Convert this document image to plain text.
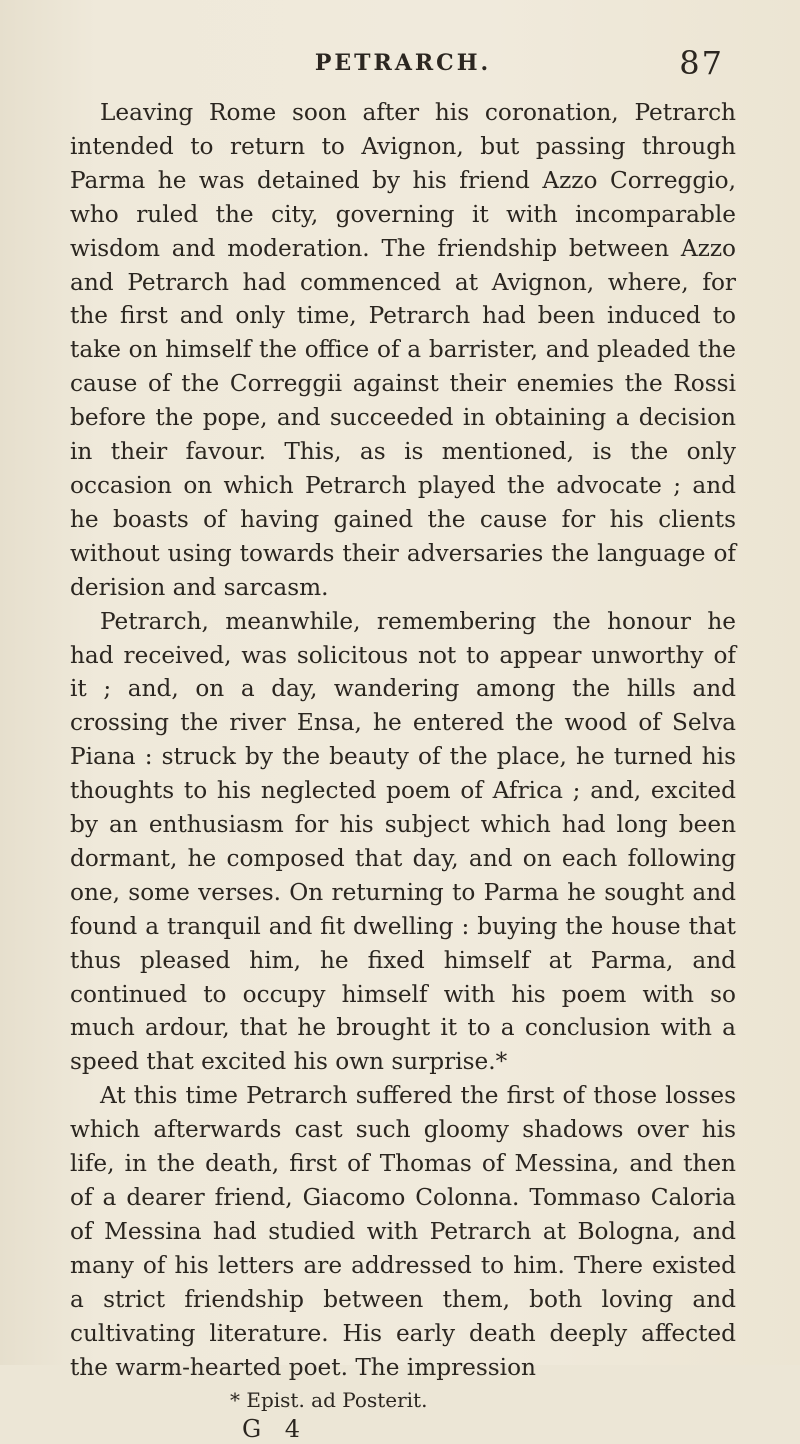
PETRARCH.	87

Leaving Rome soon after his coronation, Petrarch intended to return to Avignon, but passing through Parma he was detained by his friend Azzo Correggio, who ruled the city, governing it with incomparable wisdom and moderation. The friendship between Azzo and Petrarch had commenced at Avignon, where, for the first and only time, Petrarch had been induced to take on himself the office of a barrister, and pleaded the cause of the Correggii against their enemies the Rossi before the pope, and succeeded in obtaining a decision in their favour. This, as is mentioned, is the only occasion on which Petrarch played the advocate ; and he boasts of having gained the cause for his clients without using towards their adversaries the language of derision and sarcasm.

Petrarch, meanwhile, remembering the honour he had received, was solicitous not to appear unworthy of it ; and, on a day, wandering among the hills and crossing the river Ensa, he entered the wood of Selva Piana : struck by the beauty of the place, he turned his thoughts to his neglected poem of Africa ; and, excited by an enthusiasm for his subject which had long been dormant, he composed that day, and on each following one, some verses. On returning to Parma he sought and found a tranquil and fit dwelling : buying the house that thus pleased him, he fixed himself at Parma, and continued to occupy himself with his poem with so much ardour, that he brought it to a conclusion with a speed that excited his own surprise.*

At this time Petrarch suffered the first of those losses which afterwards cast such gloomy shadows over his life, in the death, first of Thomas of Messina, and then of a dearer friend, Giacomo Colonna. Tommaso Caloria of Messina had studied with Petrarch at Bologna, and many of his letters are addressed to him. There existed a strict friendship between them, both loving and cultivating literature. His early death deeply affected the warm-hearted poet. The impression

* Epist. ad Posterit.
G 4
